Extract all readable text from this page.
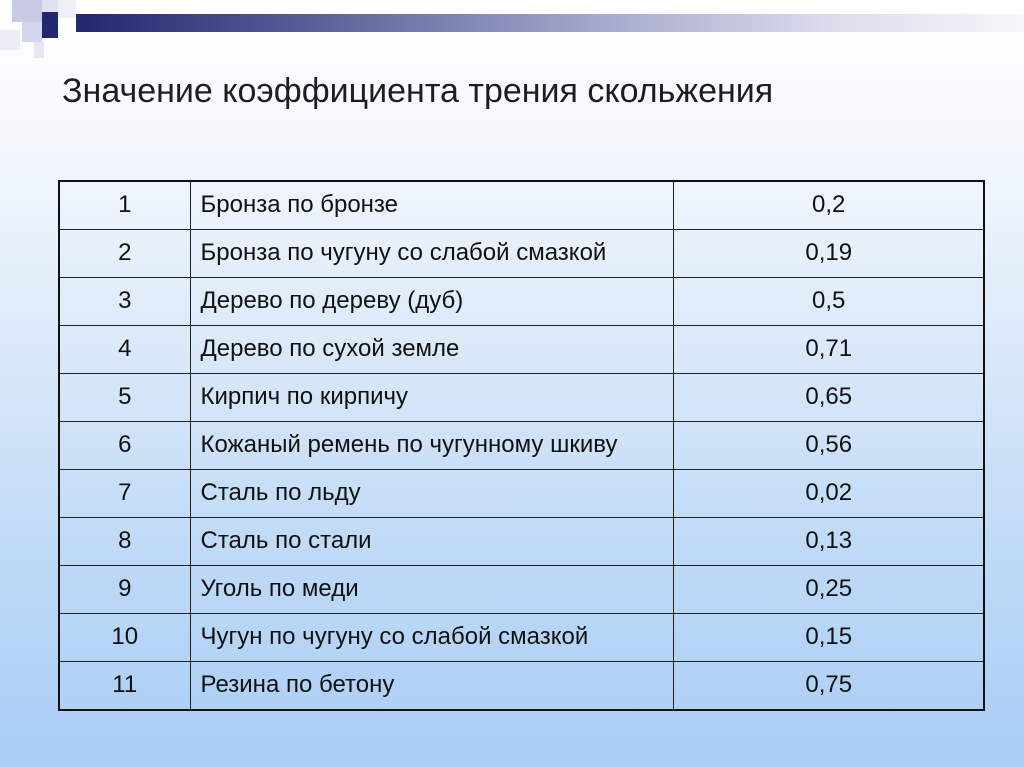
Значение коэффициента трения скольжения
1	Бронза по бронзе	0,2
2	Бронза по чугуну со слабой смазкой	0,19
3	Дерево по дереву (дуб)	0,5
4	Дерево по сухой земле	0,71
5	Кирпич по кирпичу	0,65
6	Кожаный ремень по чугунному шкиву	0,56
7	Сталь по льду	0,02
8	Сталь по стали	0,13
9	Уголь по меди	0,25
10	Чугун по чугуну со слабой смазкой	0,15
11	Резина по бетону	0,75
